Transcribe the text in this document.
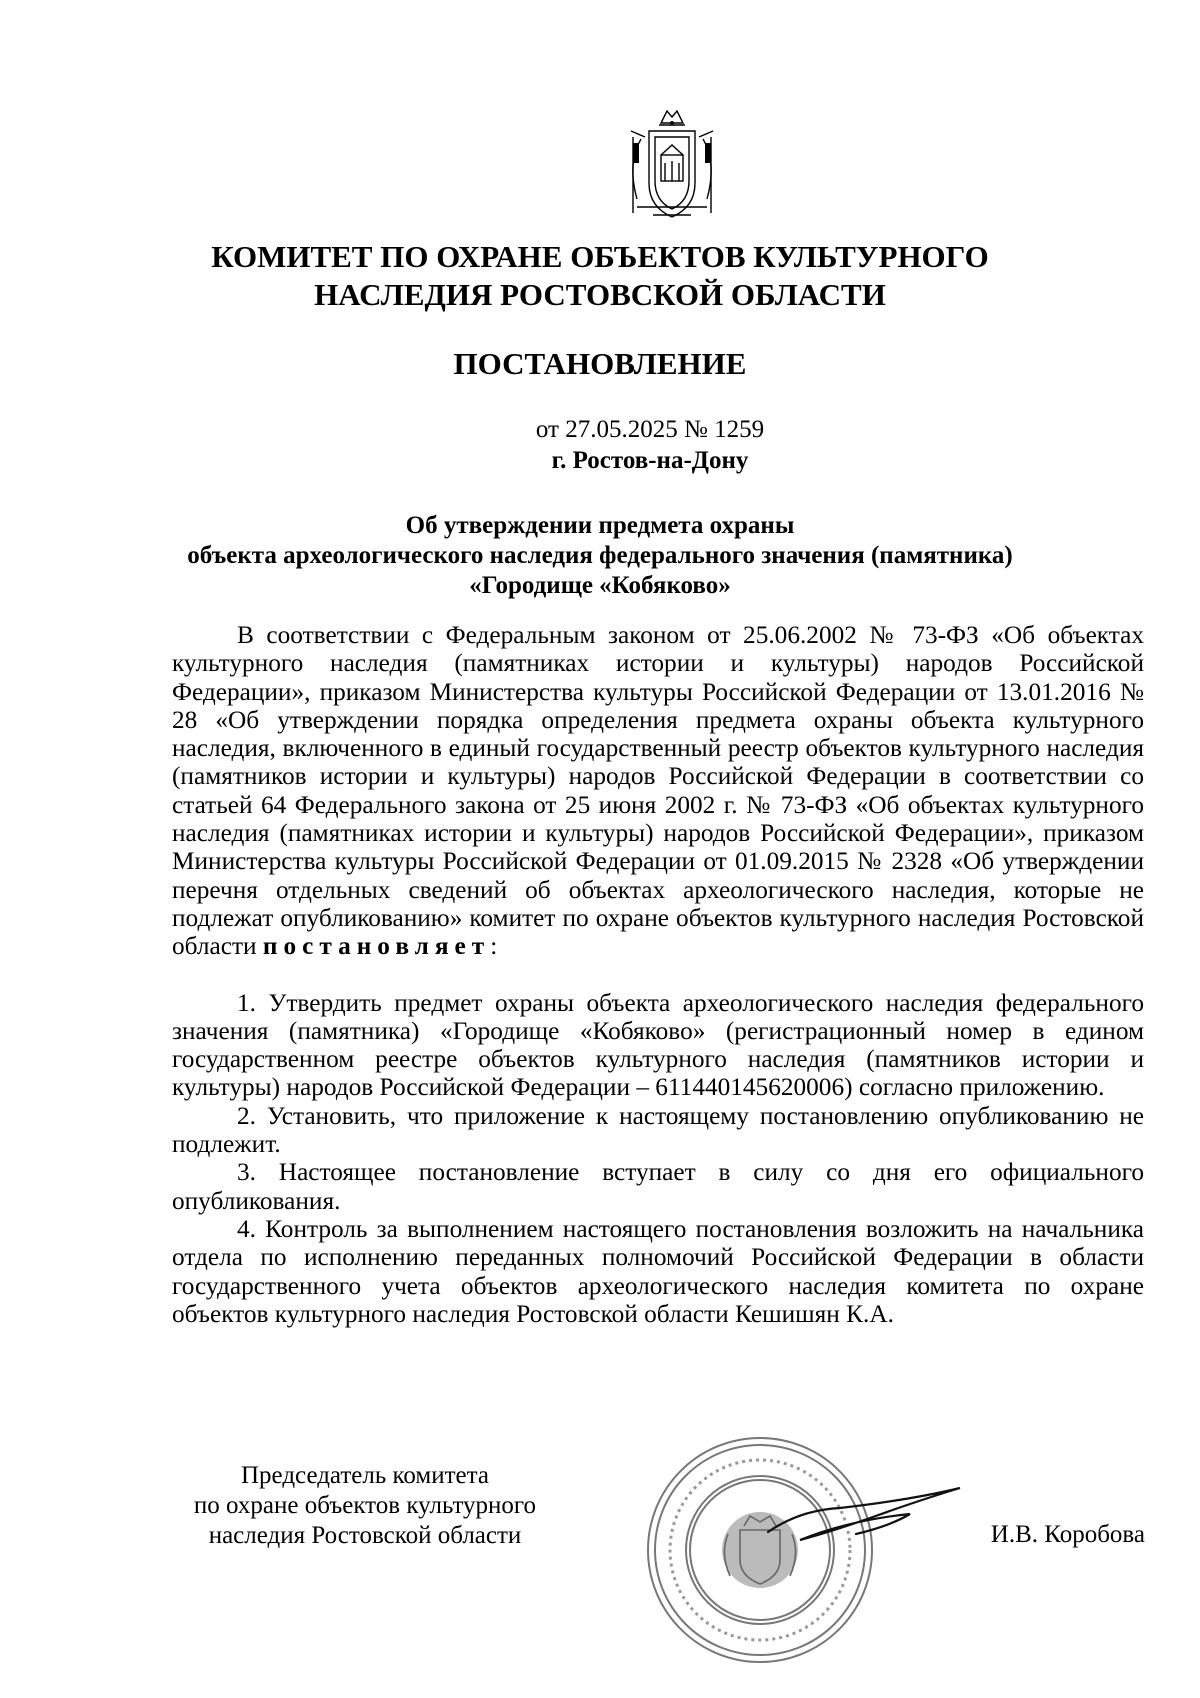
КОМИТЕТ ПО ОХРАНЕ ОБЪЕКТОВ КУЛЬТУРНОГО
НАСЛЕДИЯ РОСТОВСКОЙ ОБЛАСТИ
ПОСТАНОВЛЕНИЕ
от 27.05.2025 № 1259
г. Ростов-на-Дону
Об утверждении предмета охраны
объекта археологического наследия федерального значения (памятника)
«Городище «Кобяково»

В соответствии с Федеральным законом от 25.06.2002 № 73-ФЗ «Об объектах культурного наследия (памятниках истории и культуры) народов Российской Федерации», приказом Министерства культуры Российской Федерации от 13.01.2016 № 28 «Об утверждении порядка определения предмета охраны объекта культурного наследия, включенного в единый государственный реестр объектов культурного наследия (памятников истории и культуры) народов Российской Федерации в соответствии со статьей 64 Федерального закона от 25 июня 2002 г. № 73-ФЗ «Об объектах культурного наследия (памятниках истории и культуры) народов Российской Федерации», приказом Министерства культуры Российской Федерации от 01.09.2015 № 2328 «Об утверждении перечня отдельных сведений об объектах археологического наследия, которые не подлежат опубликованию» комитет по охране объектов культурного наследия Ростовской области постановляет:

1. Утвердить предмет охраны объекта археологического наследия федерального значения (памятника) «Городище «Кобяково» (регистрационный номер в едином государственном реестре объектов культурного наследия (памятников истории и культуры) народов Российской Федерации – 611440145620006) согласно приложению.

2. Установить, что приложение к настоящему постановлению опубликованию не подлежит.

3. Настоящее постановление вступает в силу со дня его официального опубликования.

4. Контроль за выполнением настоящего постановления возложить на начальника отдела по исполнению переданных полномочий Российской Федерации в области государственного учета объектов археологического наследия комитета по охране объектов культурного наследия Ростовской области Кешишян К.А.

Председатель комитета
по охране объектов культурного
наследия Ростовской области	И.В. Коробова
